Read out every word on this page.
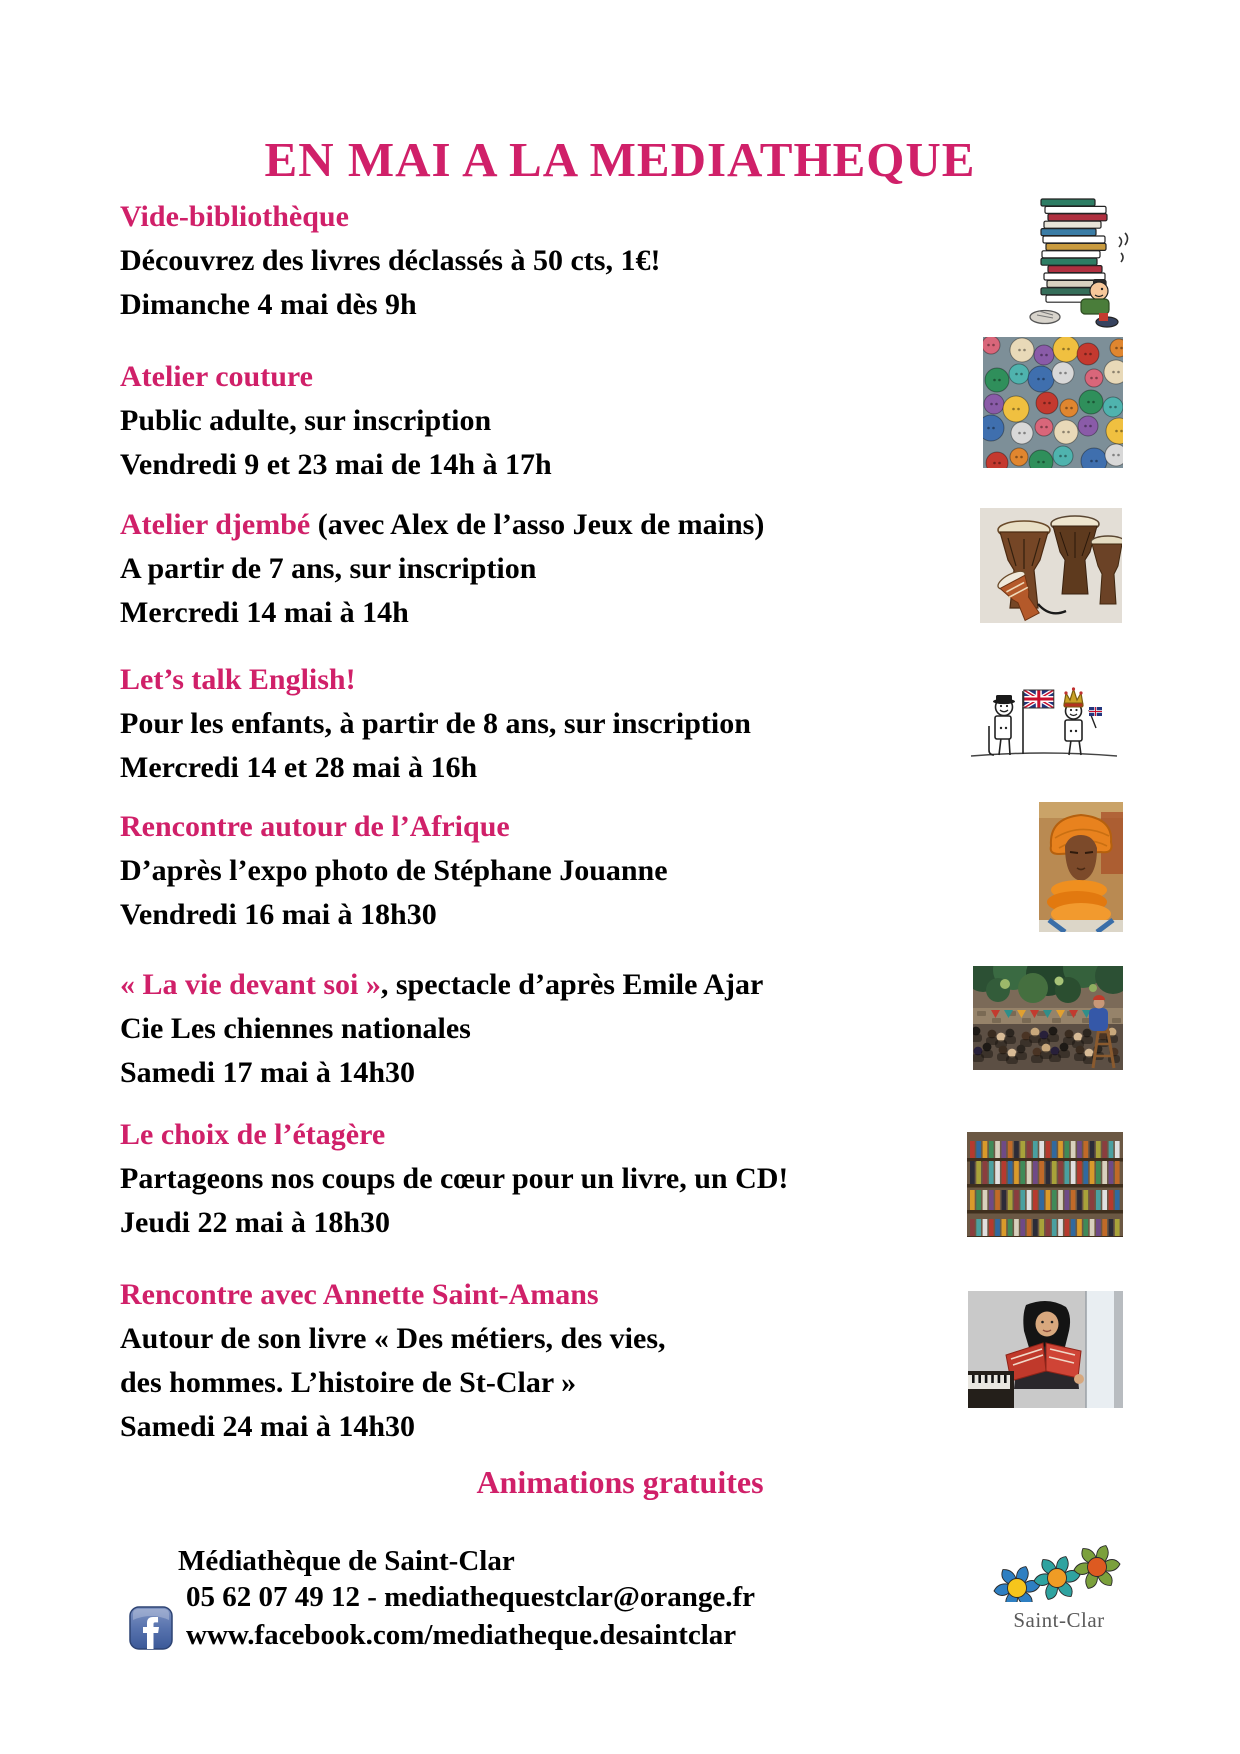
EN MAI A LA MEDIATHEQUE
Vide-bibliothèque
Découvrez des livres déclassés à 50 cts, 1€!
Dimanche 4 mai dès 9h
Atelier couture
Public adulte, sur inscription
Vendredi 9 et 23 mai de 14h à 17h
Atelier djembé (avec Alex de l’asso Jeux de mains)
A partir de 7 ans, sur inscription
Mercredi 14 mai à 14h
Let’s talk English!
Pour les enfants, à partir de 8 ans, sur inscription
Mercredi 14 et 28 mai à 16h
Rencontre autour de l’Afrique
D’après l’expo photo de Stéphane Jouanne
Vendredi 16 mai à 18h30
« La vie devant soi », spectacle d’après Emile Ajar
Cie Les chiennes nationales
Samedi 17 mai à 14h30
Le choix de l’étagère
Partageons nos coups de cœur pour un livre, un CD!
Jeudi 22 mai à 18h30
Rencontre avec Annette Saint-Amans
Autour de son livre « Des métiers, des vies,
des hommes. L’histoire de St-Clar »
Samedi 24 mai à 14h30
Animations gratuites
Médiathèque de Saint-Clar
05 62 07 49 12 - mediathequestclar@orange.fr
www.facebook.com/mediatheque.desaintclar	Saint-Clar
